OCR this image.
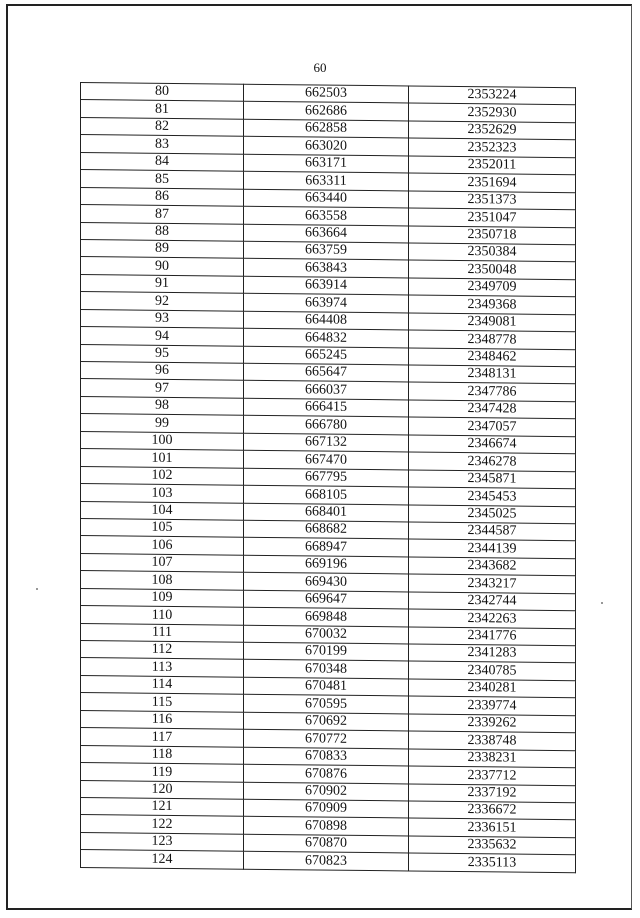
60
80	662503	2353224
81	662686	2352930
82	662858	2352629
83	663020	2352323
84	663171	2352011
85	663311	2351694
86	663440	2351373
87	663558	2351047
88	663664	2350718
89	663759	2350384
90	663843	2350048
91	663914	2349709
92	663974	2349368
93	664408	2349081
94	664832	2348778
95	665245	2348462
96	665647	2348131
97	666037	2347786
98	666415	2347428
99	666780	2347057
100	667132	2346674
101	667470	2346278
102	667795	2345871
103	668105	2345453
104	668401	2345025
105	668682	2344587
106	668947	2344139
107	669196	2343682
108	669430	2343217
109	669647	2342744
110	669848	2342263
111	670032	2341776
112	670199	2341283
113	670348	2340785
114	670481	2340281
115	670595	2339774
116	670692	2339262
117	670772	2338748
118	670833	2338231
119	670876	2337712
120	670902	2337192
121	670909	2336672
122	670898	2336151
123	670870	2335632
124	670823	2335113
